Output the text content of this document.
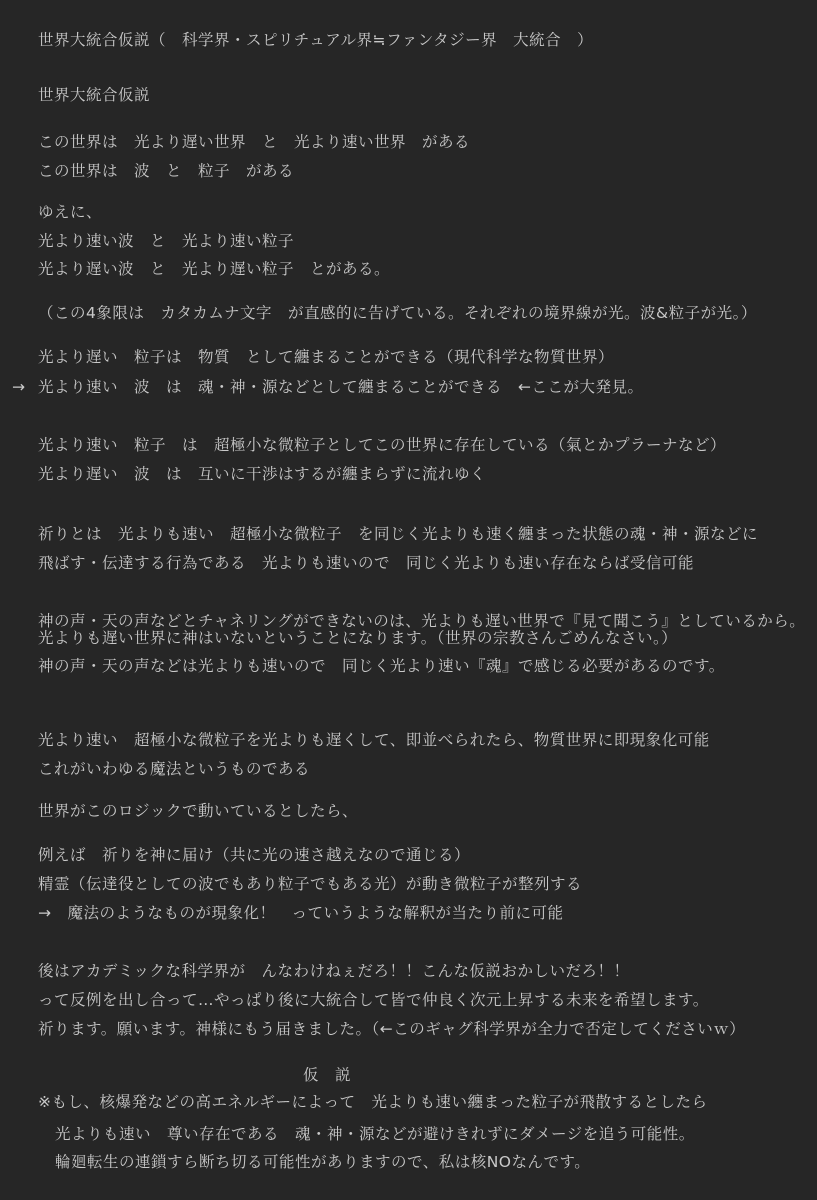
世界大統合仮説（　科学界・スピリチュアル界≒ファンタジー界　大統合　）
世界大統合仮説
この世界は　光より遅い世界　と　光より速い世界　がある
この世界は　波　と　粒子　がある
ゆえに、
光より速い波　と　光より速い粒子
光より遅い波　と　光より遅い粒子　とがある。
（この4象限は　カタカムナ文字　が直感的に告げている。それぞれの境界線が光。波&粒子が光。）
光より遅い　粒子は　物質　として纏まることができる（現代科学な物質世界）
→ 光より速い　波　は　魂・神・源などとして纏まることができる　←ここが大発見。
光より速い　粒子　は　超極小な微粒子としてこの世界に存在している（氣とかプラーナなど）
光より遅い　波　は　互いに干渉はするが纏まらずに流れゆく
祈りとは　光よりも速い　超極小な微粒子　を同じく光よりも速く纏まった状態の魂・神・源などに
飛ばす・伝達する行為である　光よりも速いので　同じく光よりも速い存在ならば受信可能
神の声・天の声などとチャネリングができないのは、光よりも遅い世界で『見て聞こう』としているから。
光よりも遅い世界に神はいないということになります。（世界の宗教さんごめんなさい。）
神の声・天の声などは光よりも速いので　同じく光より速い『魂』で感じる必要があるのです。
光より速い　超極小な微粒子を光よりも遅くして、即並べられたら、物質世界に即現象化可能
これがいわゆる魔法というものである
世界がこのロジックで動いているとしたら、
例えば　祈りを神に届け（共に光の速さ越えなので通じる）
精霊（伝達役としての波でもあり粒子でもある光）が動き微粒子が整列する
→　魔法のようなものが現象化！　っていうような解釈が当たり前に可能
後はアカデミックな科学界が　んなわけねぇだろ！！こんな仮説おかしいだろ！！
って反例を出し合って…やっぱり後に大統合して皆で仲良く次元上昇する未来を希望します。
祈ります。願います。神様にもう届きました。（←このギャグ科学界が全力で否定してくださいｗ）
仮　説
※もし、核爆発などの高エネルギーによって　光よりも速い纏まった粒子が飛散するとしたら
光よりも速い　尊い存在である　魂・神・源などが避けきれずにダメージを追う可能性。
輪廻転生の連鎖すら断ち切る可能性がありますので、私は核NOなんです。
